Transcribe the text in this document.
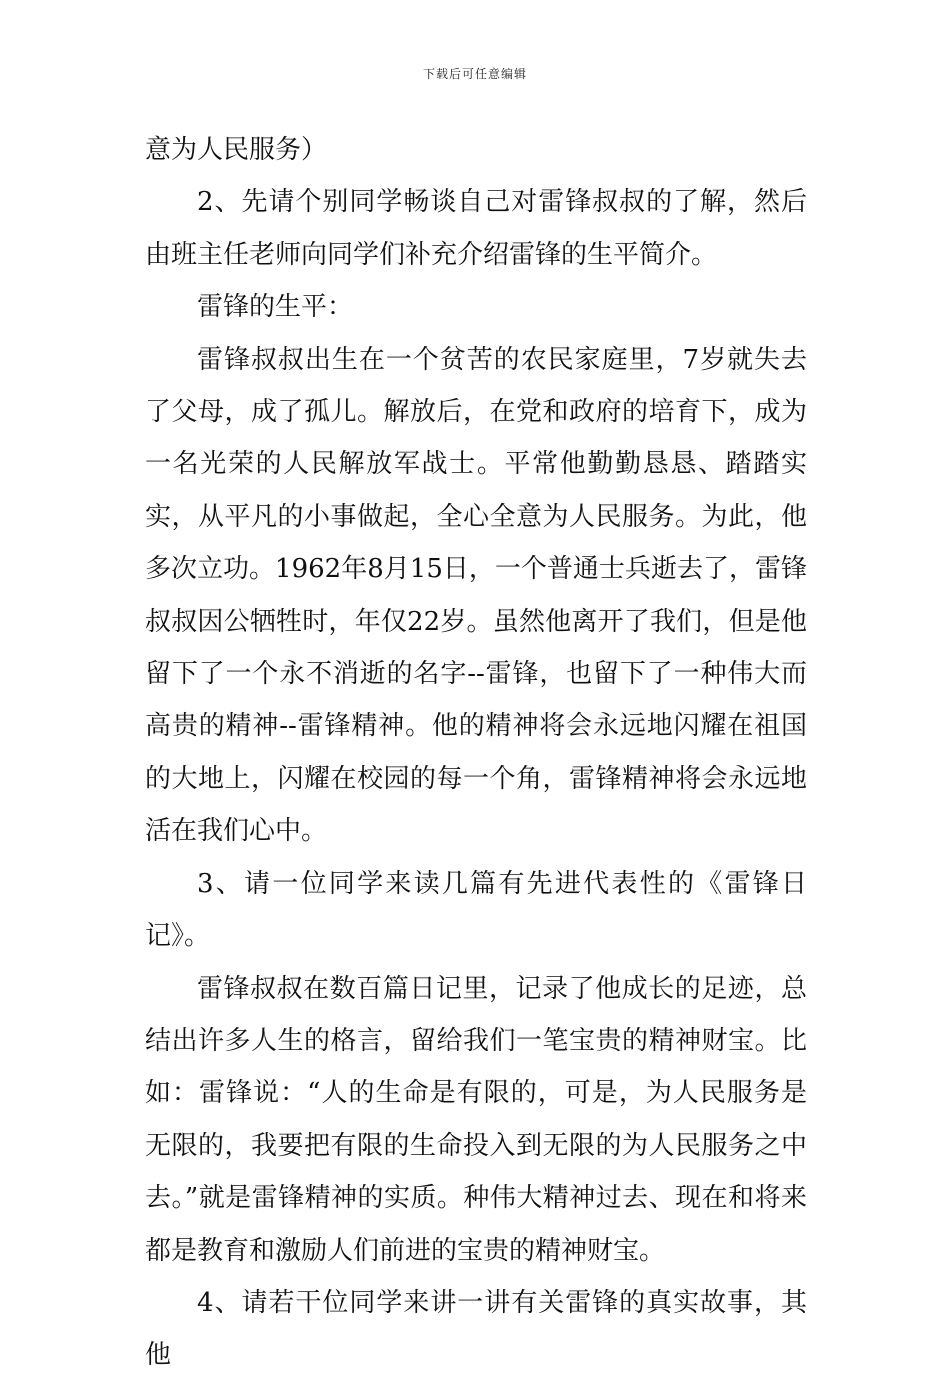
下载后可任意编辑

意为人民服务）

2、先请个别同学畅谈自己对雷锋叔叔的了解，然后由班主任老师向同学们补充介绍雷锋的生平简介。

雷锋的生平：

雷锋叔叔出生在一个贫苦的农民家庭里，7岁就失去了父母，成了孤儿。解放后，在党和政府的培育下，成为一名光荣的人民解放军战士。平常他勤勤恳恳、踏踏实实，从平凡的小事做起，全心全意为人民服务。为此，他多次立功。1962年8月15日，一个普通士兵逝去了，雷锋叔叔因公牺牲时，年仅22岁。虽然他离开了我们，但是他留下了一个永不消逝的名字--雷锋，也留下了一种伟大而高贵的精神--雷锋精神。他的精神将会永远地闪耀在祖国的大地上，闪耀在校园的每一个角，雷锋精神将会永远地活在我们心中。

3、请一位同学来读几篇有先进代表性的《雷锋日记》。

雷锋叔叔在数百篇日记里，记录了他成长的足迹，总结出许多人生的格言，留给我们一笔宝贵的精神财宝。比如：雷锋说：“人的生命是有限的，可是，为人民服务是无限的，我要把有限的生命投入到无限的为人民服务之中去。”就是雷锋精神的实质。种伟大精神过去、现在和将来都是教育和激励人们前进的宝贵的精神财宝。

4、请若干位同学来讲一讲有关雷锋的真实故事，其他
